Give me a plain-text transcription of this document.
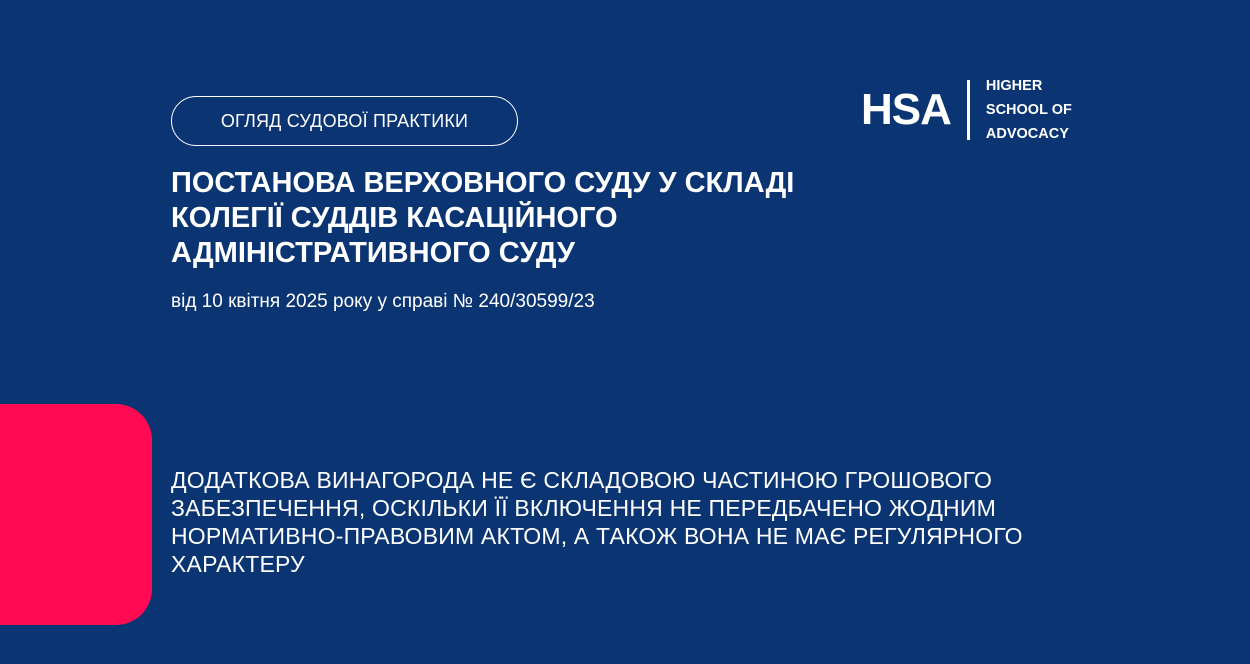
ОГЛЯД СУДОВОЇ ПРАКТИКИ
ПОСТАНОВА ВЕРХОВНОГО СУДУ У СКЛАДІ КОЛЕГІЇ СУДДІВ КАСАЦІЙНОГО АДМІНІСТРАТИВНОГО СУДУ

від 10 квітня 2025 року у справі № 240/30599/23

HSA HIGHER
SCHOOL OF
ADVOCACY

ДОДАТКОВА ВИНАГОРОДА НЕ Є СКЛАДОВОЮ ЧАСТИНОЮ ГРОШОВОГО ЗАБЕЗПЕЧЕННЯ, ОСКІЛЬКИ ЇЇ ВКЛЮЧЕННЯ НЕ ПЕРЕДБАЧЕНО ЖОДНИМ НОРМАТИВНО-ПРАВОВИМ АКТОМ, А ТАКОЖ ВОНА НЕ МАЄ РЕГУЛЯРНОГО ХАРАКТЕРУ
